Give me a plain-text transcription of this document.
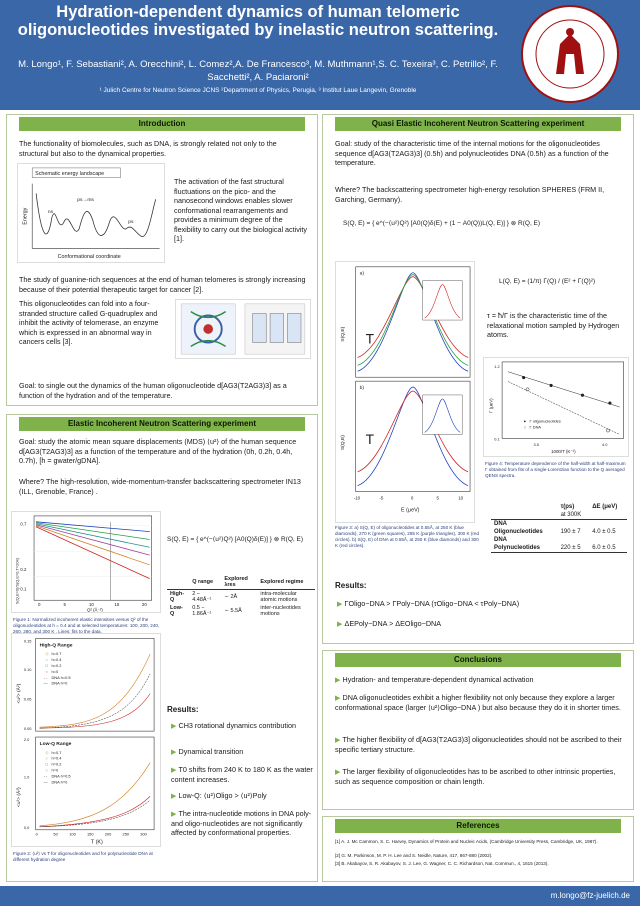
Hydration-dependent dynamics of human telomeric oligonucleotides investigated by inelastic neutron scattering.
M. Longo¹, F. Sebastiani², A. Orecchini², L. Comez²,A. De Francesco³, M. Muthmann¹,S. C. Texeira³, C. Petrillo², F. Sacchetti², A. Paciaroni²
¹ Julich Centre for Neutron Science JCNS ²Department of Physics, Perugia, ³ Institut Laue Langevin, Grenoble
Introduction
The functionality of biomolecules, such as DNA, is strongly related not only to the structural but also to the dynamical properties.
Schematic energy landscape
Energy
ps→ms
ns
ps
Conformational coordinate
The activation of the fast structural fluctuations on the pico- and the nanosecond windows enables slower conformational rearrangements and provides a minimum degree of the flexibility to carry out the biological activity [1].
The study of guanine-rich sequences at the end of human telomeres is strongly increasing because of their potential therapeutic target for cancer [2].
This oligonucleotides can fold into a four-stranded structure called G-quadruplex and inhibit the activity of telomerase, an enzyme which is expressed in an abnormal way in cancers cells [3].
Goal: to single out the dynamics of the human oligonucleotide d[AG3(T2AG3)3] as a function of the hydration and of the temperature.
Elastic Incoherent Neutron Scattering experiment
Goal: study the atomic mean square displacements (MDS) ⟨u²⟩ of the human sequence d[AG3(T2AG3)3] as a function of the temperature and of the hydration (0h, 0.2h, 0.4h, 0.7h), [h = gwater/gDNA].
Where? The high-resolution, wide-momentum-transfer backscattering spectrometer IN13 (ILL, Grenoble, France) .
S(Q,E=0)/S(Q,E=0,T=20K)
0.7
0.2
0.1
0	5	10	15	20
Q² (Å⁻²)
Figure 1: Normalized incoherent elastic intensities versus Q² of the oligonucleotides at h = 0.4 and at selected temperatures: 100, 200, 240, 260, 280, and 300 K . Lines: fits to the data.
S(Q, E) = { e^(−⟨u²⟩Q²) [A0(Q)δ(E)] } ⊗ R(Q, E)
	Q range	Explored λres	Explored regime
High-Q	2 − 4.48Å⁻¹	∼ 2Å	intra-molecular atomic motions
Low-Q	0.5 − 1.86Å⁻¹	∼ 5.5Å	inter-nucleotides motions
<u²> (Å²)
<u²> (Å²)
High-Q Range
◇ h=0.7
○ h=0.4
□ h=0.2
○ h=0
- - DNA h=0.5
— DNA h=0
0.15
0.10
0.05
0.00
Low-Q Range
◇ h=0.7
○ h=0.4
□ h=0.2
○ h=0
- - DNA h=0.5
— DNA h=0
2.0
1.0
0.0
0	50	100	150	200	250	300
T (K)
Figure 2: ⟨u²⟩ vs T for oligonucleotides and for polynucleotide DNA at different hydration degree
Results:
▶ CH3 rotational dynamics contribution
▶ Dynamical transition
▶ T0 shifts from 240 K to 180 K as the water content increases.
▶ Low-Q: ⟨u²⟩Oligo > ⟨u²⟩Poly
▶ The intra-nucleotide motions in DNA poly- and oligo-nucleotides are not significantly affected by conformational properties.
Quasi Elastic Incoherent Neutron Scattering experiment
Goal: study of the characteristic time of the internal motions for the oligonucleotides sequence d[AG3(T2AG3)3] (0.5h) and polynucleotides DNA (0.5h) as a function of the temperature.
Where? The backscattering spectrometer high-energy resolution SPHERES (FRM II, Garching, Germany).
S(Q, E) = { e^(−⟨u²⟩Q²) [A0(Q)δ(E) + (1 − A0(Q))L(Q, E)] } ⊗ R(Q, E)
S(Q,E)
S(Q,E)
a)
T
b)
T
-10	-5	0	5	10
E (μeV)
Figure 3: a) S(Q, E) of oligonucleotides at 0.55Å, at 250 K (blue diamonds), 270 K (green squares), 285 K (purple triangles), 300 K (red circles). b) S(Q, E) of DNA at 0.55Å, at 250 K (blue diamonds) and 300 K (red circles).
L(Q, E) = (1/π) Γ(Q) / (E² + Γ(Q)²)
τ = ħ/Γ is the characteristic time of the relaxational motion sampled by Hydrogen atoms.
Γ (μeV)
● Γ oligonucleotides
○ Γ DNA
1.2
0.1
3.5	4.0
1000/T (K⁻¹)
Figure 4: Temperature dependence of the half-width at half-maximum Γ obtained from fits of a single-Lorentzian function to the Q averaged QENS spectra.
	τ(ps)	ΔE (μeV)
	at 300K	
DNA		
Oligonucleotides	190 ± 7	4.0 ± 0.5
DNA		
Polynucleotides	220 ± 5	6.0 ± 0.5
Results:
▶ ΓOligo−DNA > ΓPoly−DNA (τOligo−DNA < τPoly−DNA)
▶ ΔEPoly−DNA > ΔEOligo−DNA
Conclusions
▶ Hydration- and temperature-dependent dynamical activation
▶ DNA oligonucleotides exhibit a higher flexibility not only because they explore a larger conformational space (larger ⟨u²⟩Oligo−DNA ) but also because they do it in shorter times.
▶ The higher flexibility of d[AG3(T2AG3)3] oligonucleotides should not be ascribed to their specific tertiary structure.
▶ The larger flexibility of oligonucleotides has to be ascribed to other intrinsic properties, such as sequence composition or chain length.
References
[1] A. J. Mc Cammon, S. C. Harvey, Dynamics of Protein and Nucleic Acids, (Cambridge University Press, Cambridge, UK, 1987).
[2] G. M. Parkinson, M. P. H. Lee and S. Neidle, Nature, 417, 867-880 (2002).
[3] B. Akabayov, S. R. Akabayov, S. J. Lee, G. Wagner, C. C. Richardson, Nat. Commun., 4, 1615 (2013).
m.longo@fz-juelich.de
